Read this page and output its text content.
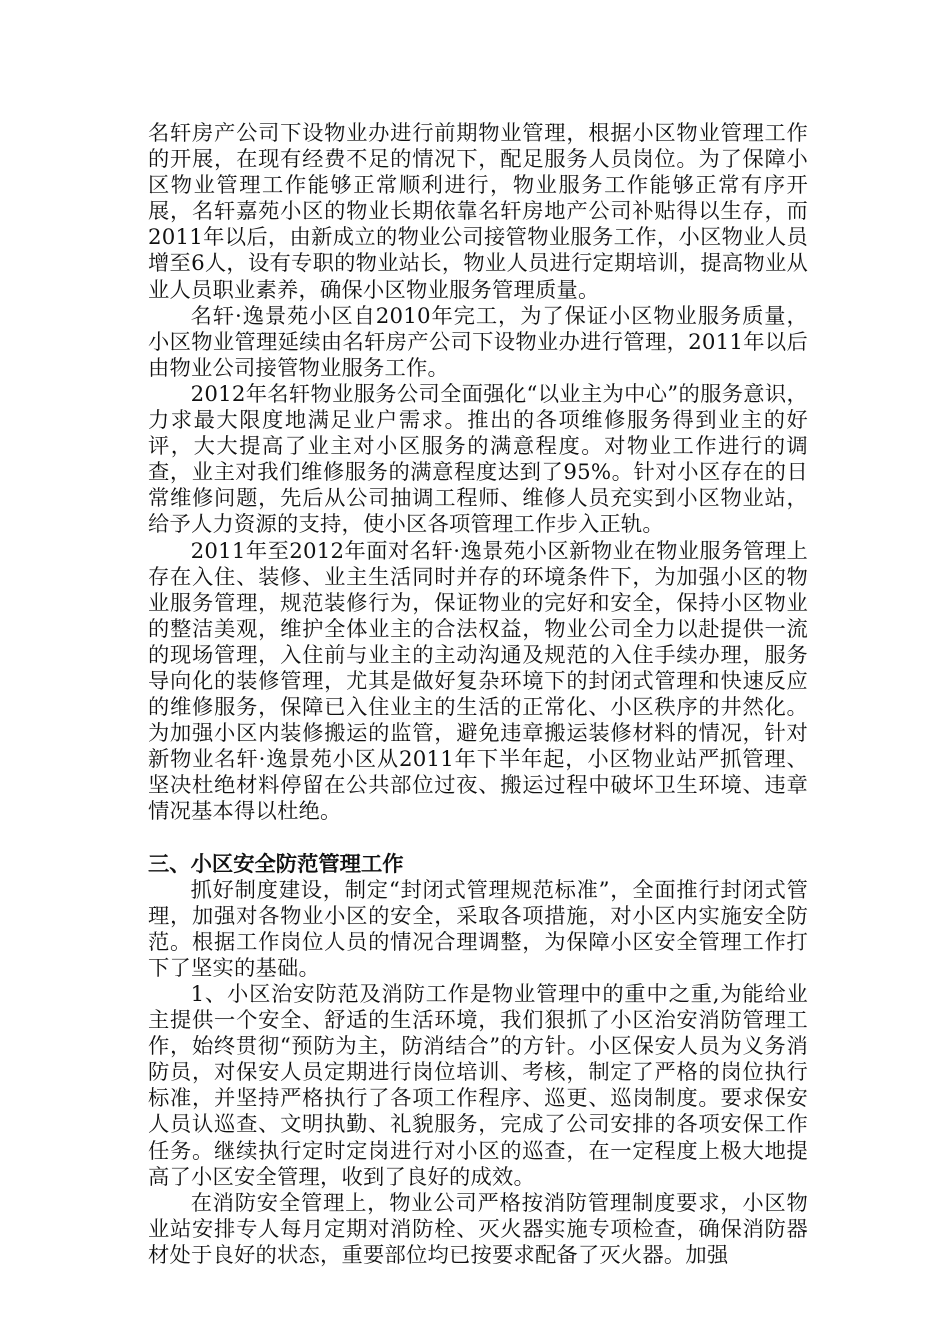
名轩房产公司下设物业办进行前期物业管理，根据小区物业管理工作的开展，在现有经费不足的情况下，配足服务人员岗位。为了保障小区物业管理工作能够正常顺利进行，物业服务工作能够正常有序开展，名轩嘉苑小区的物业长期依靠名轩房地产公司补贴得以生存，而2011年以后，由新成立的物业公司接管物业服务工作，小区物业人员增至6人，设有专职的物业站长，物业人员进行定期培训，提高物业从业人员职业素养，确保小区物业服务管理质量。

名轩·逸景苑小区自2010年完工，为了保证小区物业服务质量，小区物业管理延续由名轩房产公司下设物业办进行管理，2011年以后由物业公司接管物业服务工作。

2012年名轩物业服务公司全面强化“以业主为中心”的服务意识，力求最大限度地满足业户需求。推出的各项维修服务得到业主的好评，大大提高了业主对小区服务的满意程度。对物业工作进行的调查，业主对我们维修服务的满意程度达到了95%。针对小区存在的日常维修问题，先后从公司抽调工程师、维修人员充实到小区物业站，给予人力资源的支持，使小区各项管理工作步入正轨。

2011年至2012年面对名轩·逸景苑小区新物业在物业服务管理上存在入住、装修、业主生活同时并存的环境条件下，为加强小区的物业服务管理，规范装修行为，保证物业的完好和安全，保持小区物业的整洁美观，维护全体业主的合法权益，物业公司全力以赴提供一流的现场管理，入住前与业主的主动沟通及规范的入住手续办理，服务导向化的装修管理，尤其是做好复杂环境下的封闭式管理和快速反应的维修服务，保障已入住业主的生活的正常化、小区秩序的井然化。为加强小区内装修搬运的监管，避免违章搬运装修材料的情况，针对新物业名轩·逸景苑小区从2011年下半年起，小区物业站严抓管理、坚决杜绝材料停留在公共部位过夜、搬运过程中破坏卫生环境、违章情况基本得以杜绝。

三、小区安全防范管理工作

抓好制度建设，制定“封闭式管理规范标准”，全面推行封闭式管理，加强对各物业小区的安全，采取各项措施，对小区内实施安全防范。根据工作岗位人员的情况合理调整，为保障小区安全管理工作打下了坚实的基础。

1、小区治安防范及消防工作是物业管理中的重中之重,为能给业主提供一个安全、舒适的生活环境，我们狠抓了小区治安消防管理工作，始终贯彻“预防为主，防消结合”的方针。小区保安人员为义务消防员，对保安人员定期进行岗位培训、考核，制定了严格的岗位执行标准，并坚持严格执行了各项工作程序、巡更、巡岗制度。要求保安人员认巡查、文明执勤、礼貌服务，完成了公司安排的各项安保工作任务。继续执行定时定岗进行对小区的巡查，在一定程度上极大地提高了小区安全管理，收到了良好的成效。

在消防安全管理上，物业公司严格按消防管理制度要求，小区物业站安排专人每月定期对消防栓、灭火器实施专项检查，确保消防器材处于良好的状态，重要部位均已按要求配备了灭火器。加强
